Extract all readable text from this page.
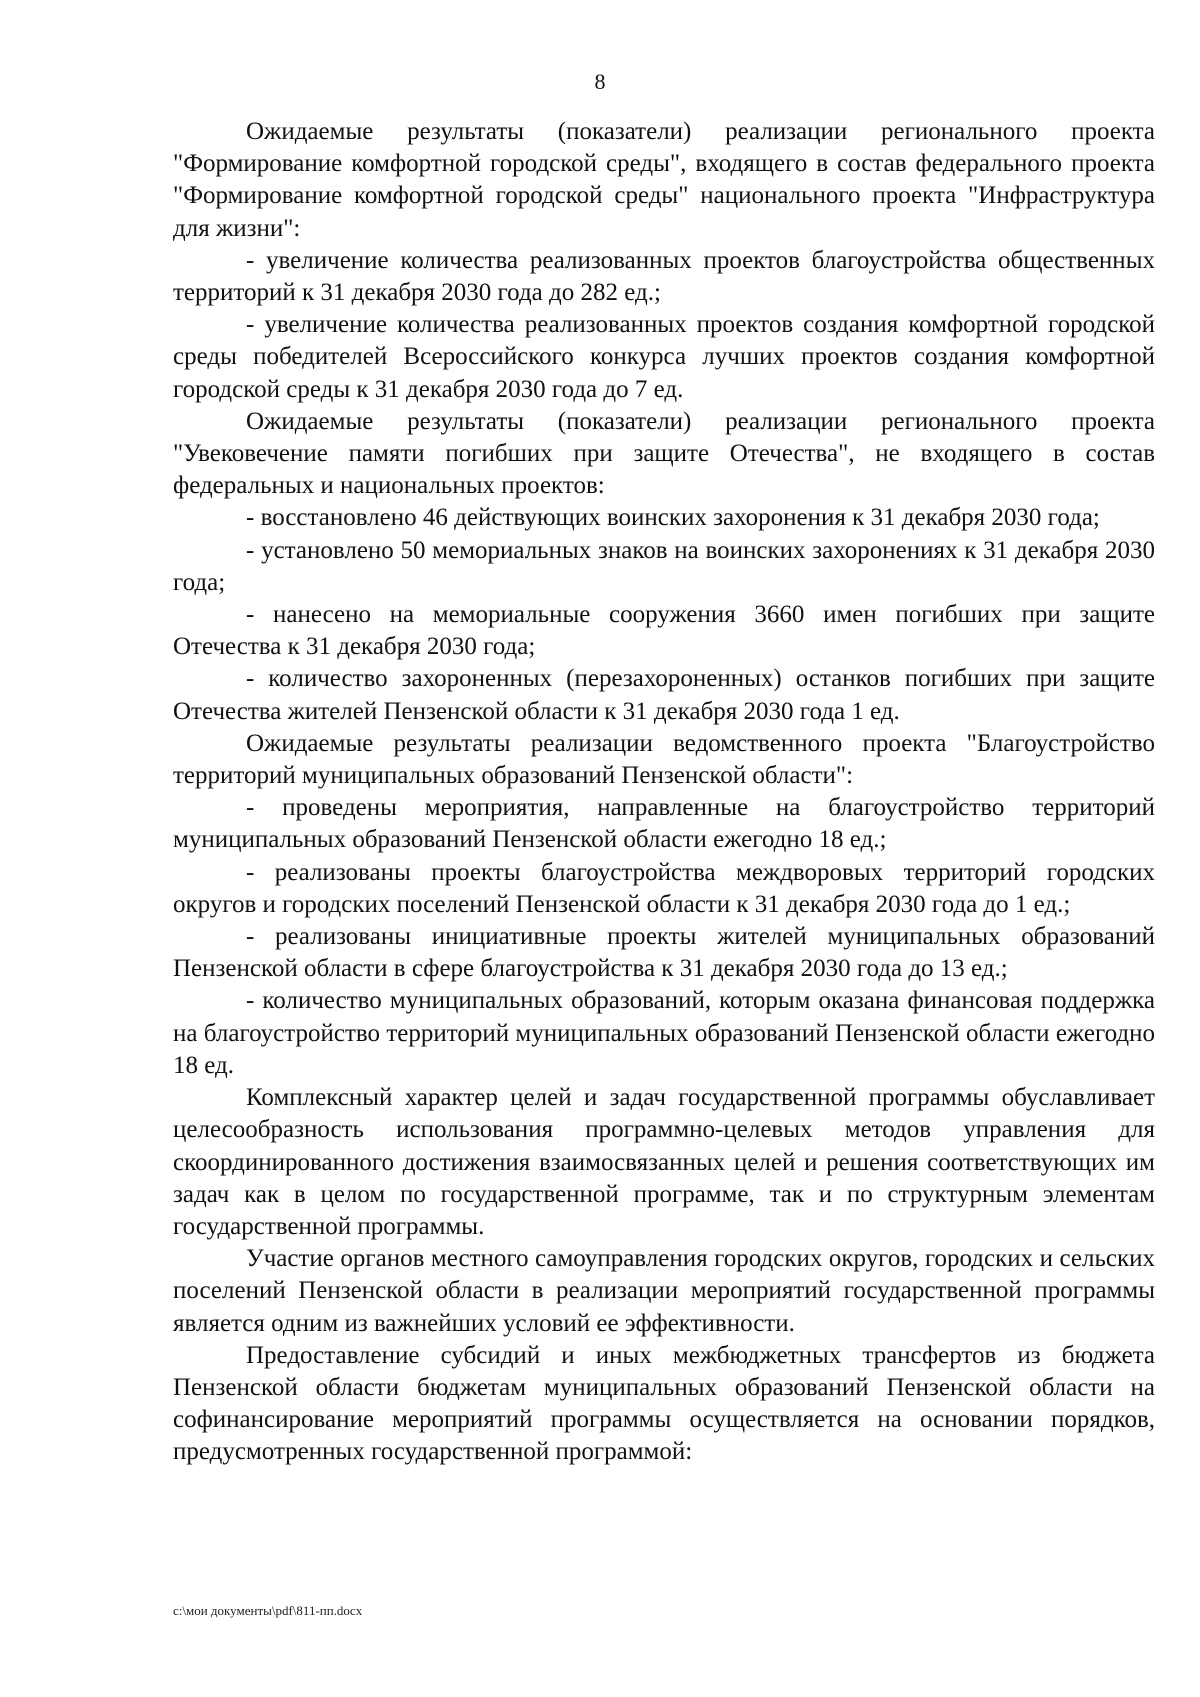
8

Ожидаемые результаты (показатели) реализации регионального проекта "Формирование комфортной городской среды", входящего в состав федерального проекта "Формирование комфортной городской среды" национального проекта "Инфраструктура для жизни":

- увеличение количества реализованных проектов благоустройства общественных территорий к 31 декабря 2030 года до 282 ед.;

- увеличение количества реализованных проектов создания комфортной городской среды победителей Всероссийского конкурса лучших проектов создания комфортной городской среды к 31 декабря 2030 года до 7 ед.

Ожидаемые результаты (показатели) реализации регионального проекта "Увековечение памяти погибших при защите Отечества", не входящего в состав федеральных и национальных проектов:

- восстановлено 46 действующих воинских захоронения к 31 декабря 2030 года;

- установлено 50 мемориальных знаков на воинских захоронениях к 31 декабря 2030 года;

- нанесено на мемориальные сооружения 3660 имен погибших при защите Отечества к 31 декабря 2030 года;

- количество захороненных (перезахороненных) останков погибших при защите Отечества жителей Пензенской области к 31 декабря 2030 года 1 ед.

Ожидаемые результаты реализации ведомственного проекта "Благоустройство территорий муниципальных образований Пензенской области":

- проведены мероприятия, направленные на благоустройство территорий муниципальных образований Пензенской области ежегодно 18 ед.;

- реализованы проекты благоустройства междворовых территорий городских округов и городских поселений Пензенской области к 31 декабря 2030 года до 1 ед.;

- реализованы инициативные проекты жителей муниципальных образований Пензенской области в сфере благоустройства к 31 декабря 2030 года до 13 ед.;

- количество муниципальных образований, которым оказана финансовая поддержка на благоустройство территорий муниципальных образований Пензенской области ежегодно 18 ед.

Комплексный характер целей и задач государственной программы обуславливает целесообразность использования программно-целевых методов управления для скоординированного достижения взаимосвязанных целей и решения соответствующих им задач как в целом по государственной программе, так и по структурным элементам государственной программы.

Участие органов местного самоуправления городских округов, городских и сельских поселений Пензенской области в реализации мероприятий государственной программы является одним из важнейших условий ее эффективности.

Предоставление субсидий и иных межбюджетных трансфертов из бюджета Пензенской области бюджетам муниципальных образований Пензенской области на софинансирование мероприятий программы осуществляется на основании порядков, предусмотренных государственной программой:

c:\мои документы\pdf\811-пп.docx
